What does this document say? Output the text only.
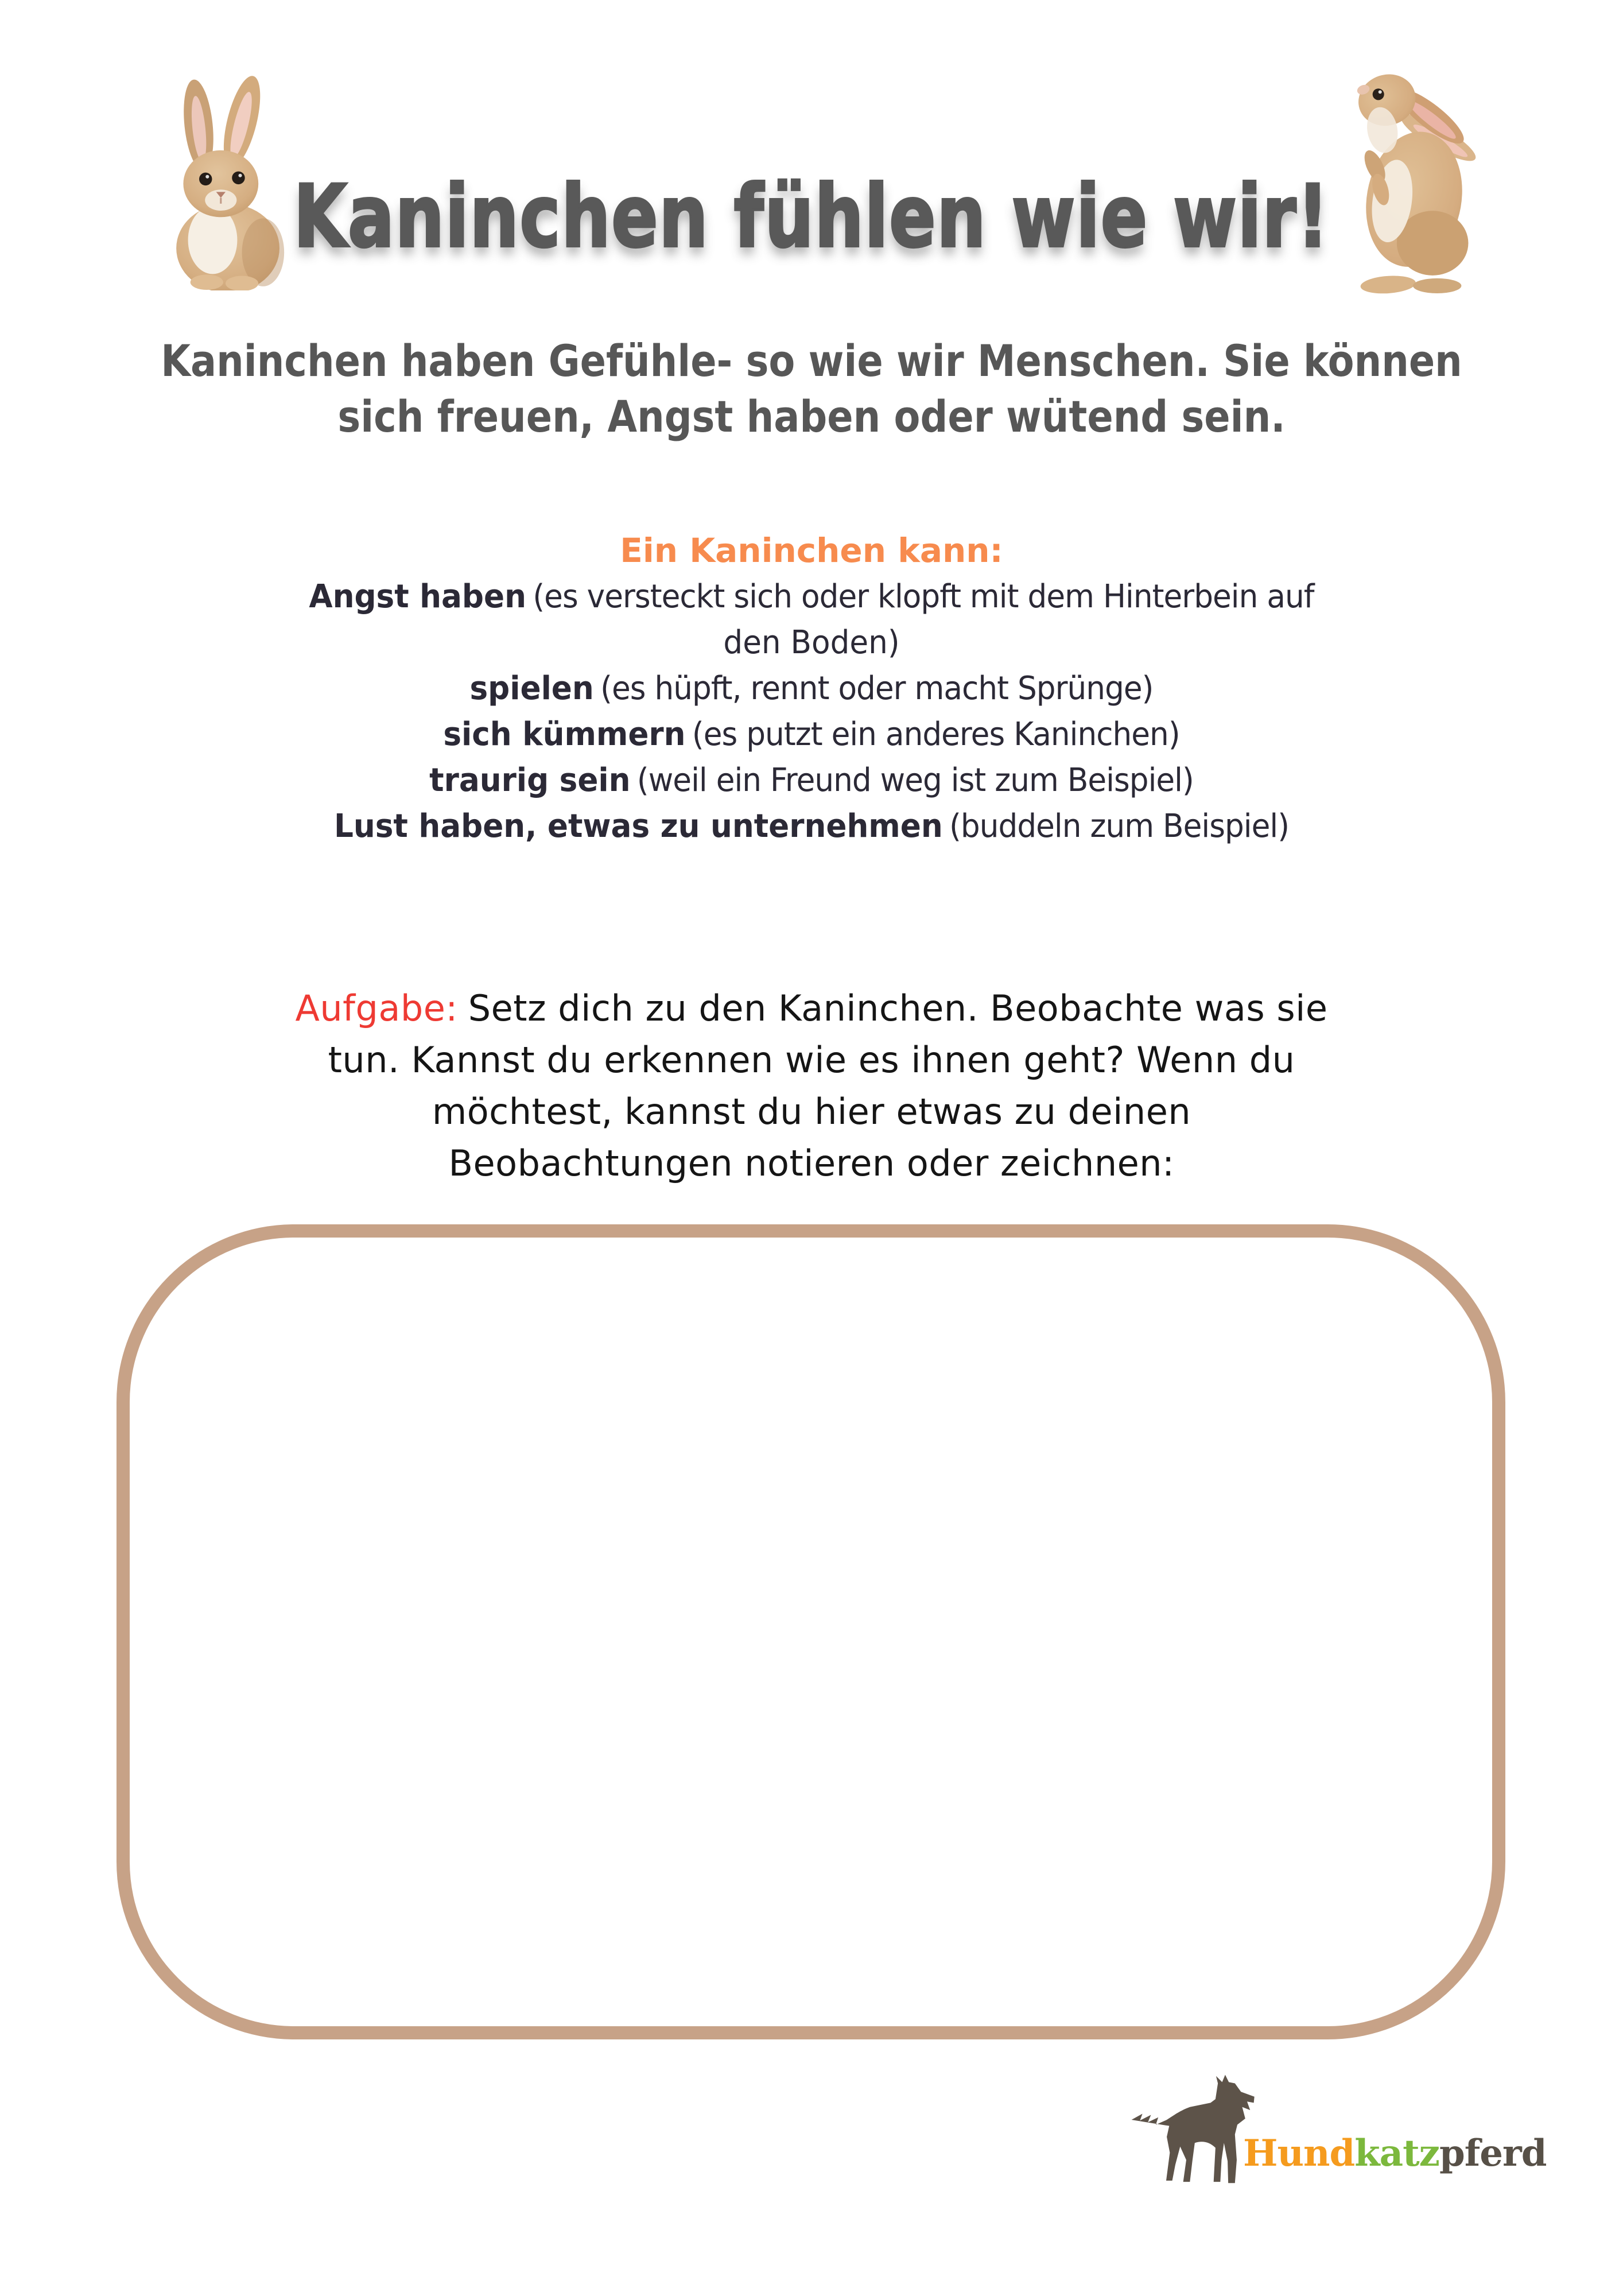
Kaninchen fühlen wie wir!
Kaninchen haben Gefühle- so wie wir Menschen. Sie können
sich freuen, Angst haben oder wütend sein.
Ein Kaninchen kann:
Angst haben (es versteckt sich oder klopft mit dem Hinterbein auf
den Boden)
spielen (es hüpft, rennt oder macht Sprünge)
sich kümmern (es putzt ein anderes Kaninchen)
traurig sein (weil ein Freund weg ist zum Beispiel)
Lust haben, etwas zu unternehmen (buddeln zum Beispiel)
Aufgabe: Setz dich zu den Kaninchen. Beobachte was sie
tun. Kannst du erkennen wie es ihnen geht? Wenn du
möchtest, kannst du hier etwas zu deinen
Beobachtungen notieren oder zeichnen:
Hundkatzpferd
